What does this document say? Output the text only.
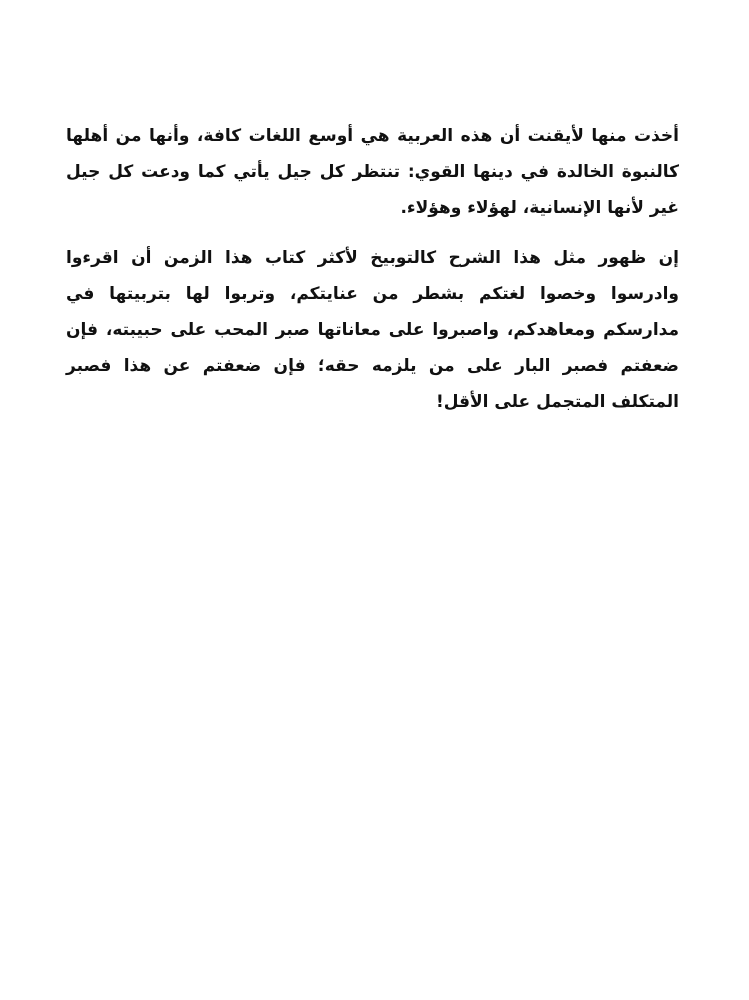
أخذت منها لأيقنت أن هذه العربية هي أوسع اللغات كافة، وأنها من أهلها كالنبوة الخالدة في دينها القوي: تنتظر كل جيل يأتي كما ودعت كل جيل غير لأنها الإنسانية، لهؤلاء وهؤلاء.

إن ظهور مثل هذا الشرح كالتوبيخ لأكثر كتاب هذا الزمن أن اقرءوا وادرسوا وخصوا لغتكم بشطر من عنايتكم، وتربوا لها بتربيتها في مدارسكم ومعاهدكم، واصبروا على معاناتها صبر المحب على حبيبته، فإن ضعفتم فصبر البار على من يلزمه حقه؛ فإن ضعفتم عن هذا فصبر المتكلف المتجمل على الأقل!
